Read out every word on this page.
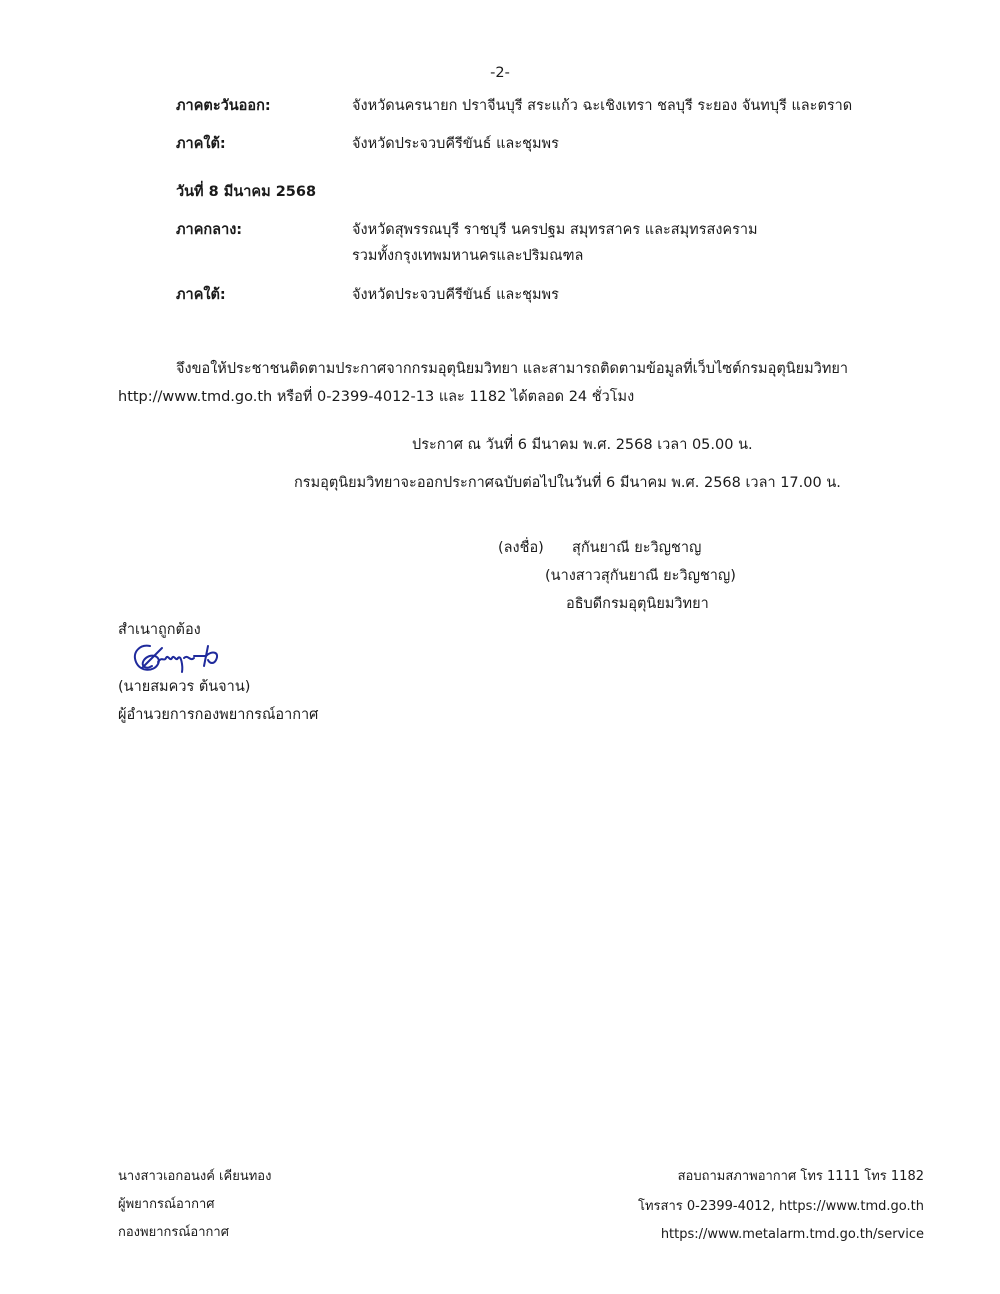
-2-
ภาคตะวันออก:	จังหวัดนครนายก ปราจีนบุรี สระแก้ว ฉะเชิงเทรา ชลบุรี ระยอง จันทบุรี และตราด
ภาคใต้:	จังหวัดประจวบคีรีขันธ์ และชุมพร
วันที่ 8 มีนาคม 2568
ภาคกลาง:	จังหวัดสุพรรณบุรี ราชบุรี นครปฐม สมุทรสาคร และสมุทรสงคราม
รวมทั้งกรุงเทพมหานครและปริมณฑล
ภาคใต้:	จังหวัดประจวบคีรีขันธ์ และชุมพร
จึงขอให้ประชาชนติดตามประกาศจากกรมอุตุนิยมวิทยา และสามารถติดตามข้อมูลที่เว็บไซต์กรมอุตุนิยมวิทยา
http://www.tmd.go.th หรือที่ 0-2399-4012-13 และ 1182 ได้ตลอด 24 ชั่วโมง
ประกาศ ณ วันที่ 6 มีนาคม พ.ศ. 2568 เวลา 05.00 น.
กรมอุตุนิยมวิทยาจะออกประกาศฉบับต่อไปในวันที่ 6 มีนาคม พ.ศ. 2568 เวลา 17.00 น.
(ลงชื่อ) สุกันยาณี ยะวิญชาญ
(นางสาวสุกันยาณี ยะวิญชาญ)
อธิบดีกรมอุตุนิยมวิทยา
สำเนาถูกต้อง
(นายสมควร ต้นจาน)
ผู้อำนวยการกองพยากรณ์อากาศ
นางสาวเอกอนงค์ เคียนทอง
ผู้พยากรณ์อากาศ
กองพยากรณ์อากาศ
สอบถามสภาพอากาศ โทร 1111 โทร 1182
โทรสาร 0-2399-4012, https://www.tmd.go.th
https://www.metalarm.tmd.go.th/service
